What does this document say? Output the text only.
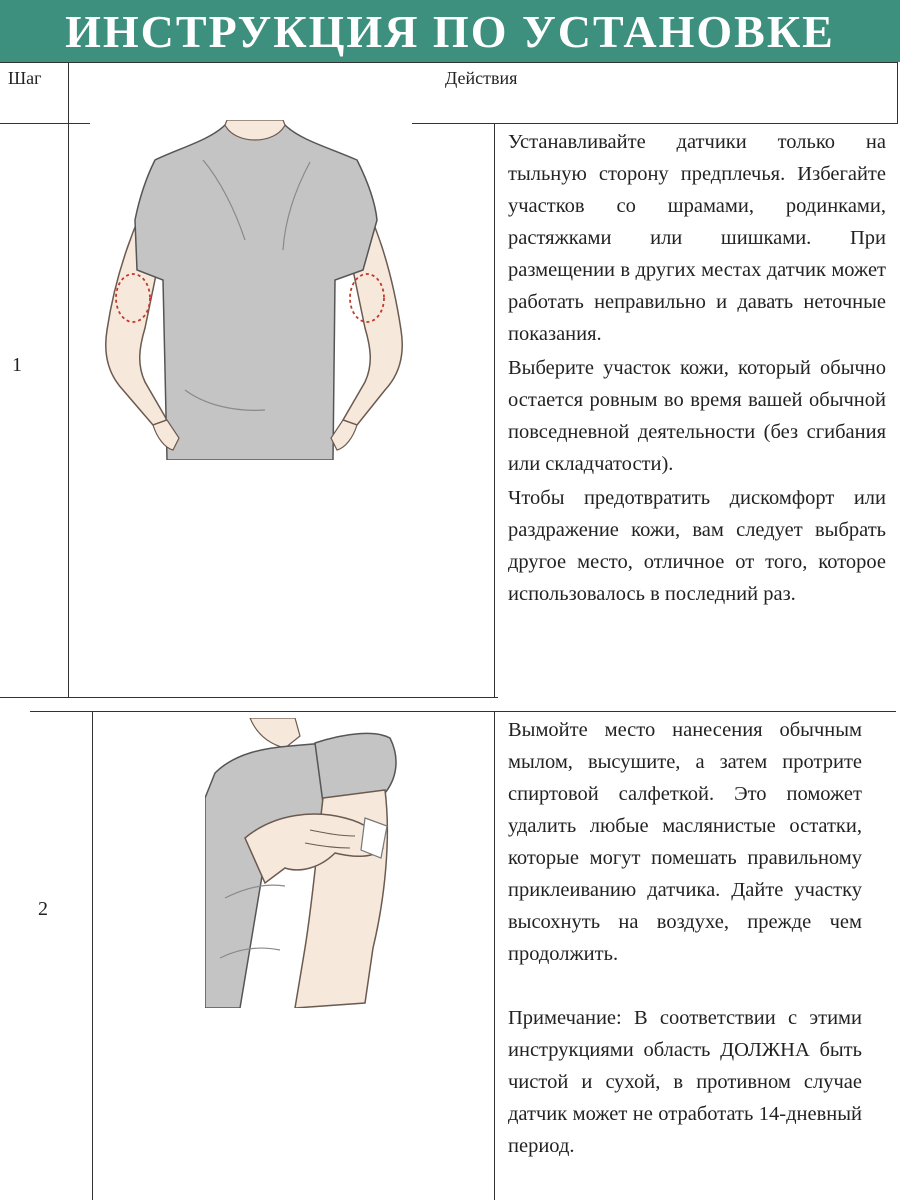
ИНСТРУКЦИЯ ПО УСТАНОВКЕ
Шаг	Действия
1

Устанавливайте датчики только на тыльную сторону предплечья. Избегайте участков со шрамами, родинками, растяжками или шишками. При размещении в других местах датчик может работать неправильно и давать неточные показания.

Выберите участок кожи, который обычно остается ровным во время вашей обычной повседневной деятельности (без сгибания или складчатости).

Чтобы предотвратить дискомфорт или раздражение кожи, вам следует выбрать другое место, отличное от того, которое использовалось в последний раз.

2

Вымойте место нанесения обычным мылом, высушите, а затем протрите спиртовой салфеткой. Это поможет удалить любые маслянистые остатки, которые могут помешать правильному приклеиванию датчика. Дайте участку высохнуть на воздухе, прежде чем продолжить.

Примечание: В соответствии с этими инструкциями область ДОЛЖНА быть чистой и сухой, в противном случае датчик может не отработать 14-дневный период.
